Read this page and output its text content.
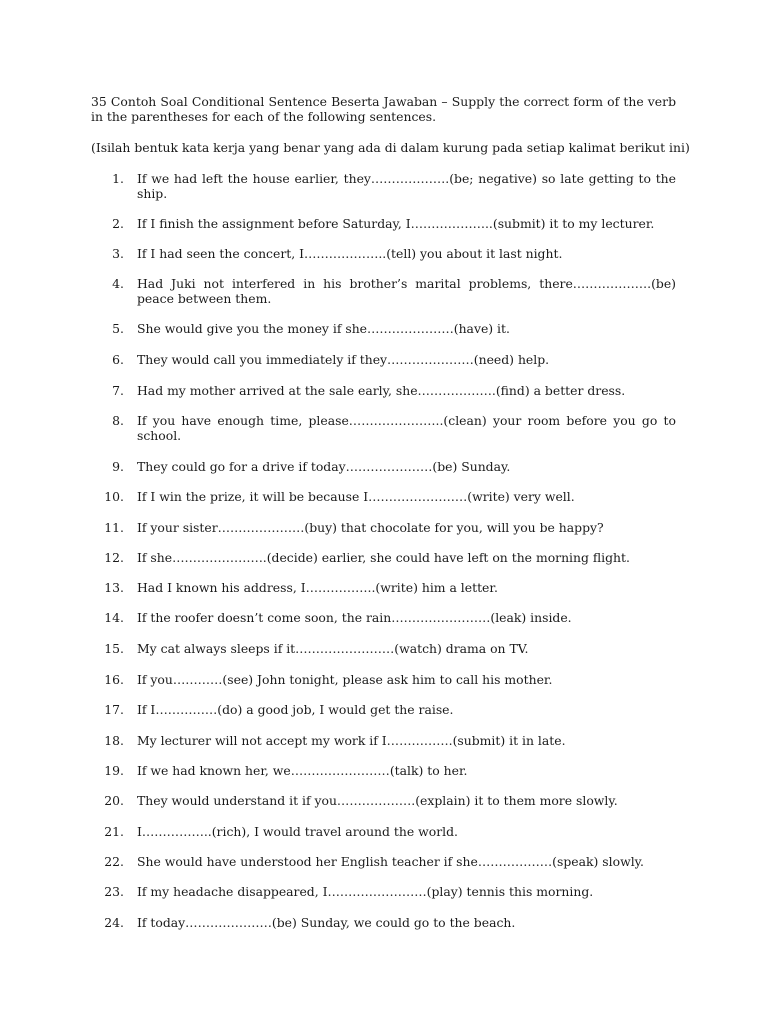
35 Contoh Soal Conditional Sentence Beserta Jawaban – Supply the correct form of the verb in the parentheses for each of the following sentences.

(Isilah bentuk kata kerja yang benar yang ada di dalam kurung pada setiap kalimat berikut ini)

1. If we had left the house earlier, they……………….(be; negative) so late getting to the
ship.
2. If I finish the assignment before Saturday, I………………..(submit) it to my lecturer.
3. If I had seen the concert, I………………..(tell) you about it last night.
4. Had Juki not interfered in his brother’s marital problems, there……………….(be)
peace between them.
5. She would give you the money if she…………………(have) it.
6. They would call you immediately if they…………………(need) help.
7. Had my mother arrived at the sale early, she……………….(find) a better dress.
8. If you have enough time, please…………………..(clean) your room before you go to
school.
9. They could go for a drive if today…………………(be) Sunday.
10. If I win the prize, it will be because I……………………(write) very well.
11. If your sister…………………(buy) that chocolate for you, will you be happy?
12. If she…………………..(decide) earlier, she could have left on the morning flight.
13. Had I known his address, I……………..(write) him a letter.
14. If the roofer doesn’t come soon, the rain……………………(leak) inside.
15. My cat always sleeps if it……………………(watch) drama on TV.
16. If you…………(see) John tonight, please ask him to call his mother.
17. If I……………(do) a good job, I would get the raise.
18. My lecturer will not accept my work if I…………….(submit) it in late.
19. If we had known her, we……………………(talk) to her.
20. They would understand it if you……………….(explain) it to them more slowly.
21. I……………..(rich), I would travel around the world.
22. She would have understood her English teacher if she………………(speak) slowly.
23. If my headache disappeared, I……………………(play) tennis this morning.
24. If today…………………(be) Sunday, we could go to the beach.
